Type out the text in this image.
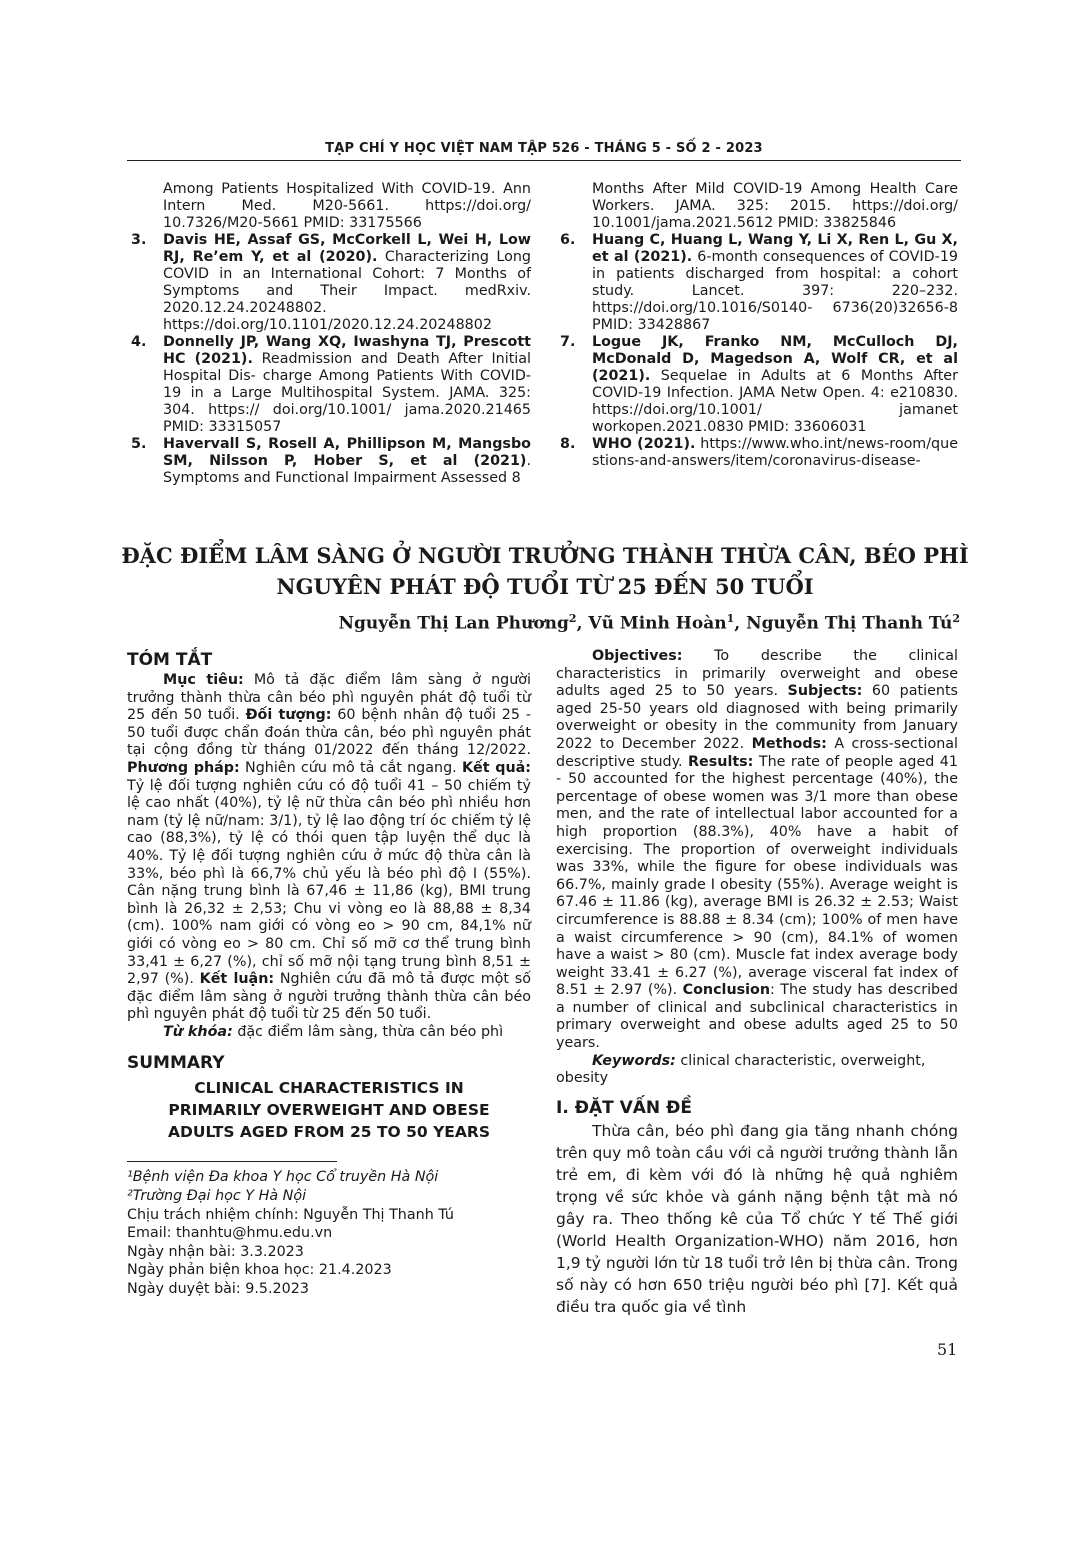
TẠP CHÍ Y HỌC VIỆT NAM TẬP 526 - THÁNG 5 - SỐ 2 - 2023
Among Patients Hospitalized With COVID-19. Ann Intern Med. M20-5661. https://doi.org/ 10.7326/M20-5661 PMID: 33175566
3. Davis HE, Assaf GS, McCorkell L, Wei H, Low RJ, Re’em Y, et al (2020). Characterizing Long COVID in an International Cohort: 7 Months of Symptoms and Their Impact. medRxiv. 2020.12.24.20248802. https://doi.org/10.1101/2020.12.24.20248802
4. Donnelly JP, Wang XQ, Iwashyna TJ, Prescott HC (2021). Readmission and Death After Initial Hospital Dis- charge Among Patients With COVID-19 in a Large Multihospital System. JAMA. 325: 304. https:// doi.org/10.1001/ jama.2020.21465 PMID: 33315057
5. Havervall S, Rosell A, Phillipson M, Mangsbo SM, Nilsson P, Hober S, et al (2021). Symptoms and Functional Impairment Assessed 8
Months After Mild COVID-19 Among Health Care Workers. JAMA. 325: 2015. https://doi.org/ 10.1001/jama.2021.5612 PMID: 33825846
6. Huang C, Huang L, Wang Y, Li X, Ren L, Gu X, et al (2021). 6-month consequences of COVID-19 in patients discharged from hospital: a cohort study. Lancet. 397: 220–232. https://doi.org/10.1016/S0140- 6736(20)32656-8 PMID: 33428867
7. Logue JK, Franko NM, McCulloch DJ, McDonald D, Magedson A, Wolf CR, et al (2021). Sequelae in Adults at 6 Months After COVID-19 Infection. JAMA Netw Open. 4: e210830. https://doi.org/10.1001/ jamanet workopen.2021.0830 PMID: 33606031
8. WHO (2021). https://www.who.int/news-room/questions-and-answers/item/coronavirus-disease-
ĐẶC ĐIỂM LÂM SÀNG Ở NGƯỜI TRƯỞNG THÀNH THỪA CÂN, BÉO PHÌ
NGUYÊN PHÁT ĐỘ TUỔI TỪ 25 ĐẾN 50 TUỔI
Nguyễn Thị Lan Phương$^2$, Vũ Minh Hoàn$^1$, Nguyễn Thị Thanh $Tú^2$

TÓM TẮT

Mục tiêu: Mô tả đặc điểm lâm sàng ở người trưởng thành thừa cân béo phì nguyên phát độ tuổi từ 25 đến 50 tuổi. Đối tượng: 60 bệnh nhân độ tuổi 25 - 50 tuổi được chẩn đoán thừa cân, béo phì nguyên phát tại cộng đồng từ tháng 01/2022 đến tháng 12/2022. Phương pháp: Nghiên cứu mô tả cắt ngang. Kết quả: Tỷ lệ đối tượng nghiên cứu có độ tuổi 41 – 50 chiếm tỷ lệ cao nhất (40%), tỷ lệ nữ thừa cân béo phì nhiều hơn nam (tỷ lệ nữ/nam: 3/1), tỷ lệ lao động trí óc chiếm tỷ lệ cao (88,3%), tỷ lệ có thói quen tập luyện thể dục là 40%. Tỷ lệ đối tượng nghiên cứu ở mức độ thừa cân là 33%, béo phì là 66,7% chủ yếu là béo phì độ I (55%). Cân nặng trung bình là 67,46 ± 11,86 (kg), BMI trung bình là 26,32 ± 2,53; Chu vi vòng eo là 88,88 ± 8,34 (cm). 100% nam giới có vòng eo > 90 cm, 84,1% nữ giới có vòng eo > 80 cm. Chỉ số mỡ cơ thể trung bình 33,41 ± 6,27 (%), chỉ số mỡ nội tạng trung bình 8,51 ± 2,97 (%). Kết luận: Nghiên cứu đã mô tả được một số đặc điểm lâm sàng ở người trưởng thành thừa cân béo phì nguyên phát độ tuổi từ 25 đến 50 tuổi.

Từ khóa: đặc điểm lâm sàng, thừa cân béo phì

SUMMARY

CLINICAL CHARACTERISTICS IN
PRIMARILY OVERWEIGHT AND OBESE
ADULTS AGED FROM 25 TO 50 YEARS

¹Bệnh viện Đa khoa Y học Cổ truyền Hà Nội

²Trường Đại học Y Hà Nội

Chịu trách nhiệm chính: Nguyễn Thị Thanh Tú

Email: thanhtu@hmu.edu.vn

Ngày nhận bài: 3.3.2023

Ngày phản biện khoa học: 21.4.2023

Ngày duyệt bài: 9.5.2023

Objectives: To describe the clinical characteristics in primarily overweight and obese adults aged 25 to 50 years. Subjects: 60 patients aged 25-50 years old diagnosed with being primarily overweight or obesity in the community from January 2022 to December 2022. Methods: A cross-sectional descriptive study. Results: The rate of people aged 41 - 50 accounted for the highest percentage (40%), the percentage of obese women was 3/1 more than obese men, and the rate of intellectual labor accounted for a high proportion (88.3%), 40% have a habit of exercising. The proportion of overweight individuals was 33%, while the figure for obese individuals was 66.7%, mainly grade I obesity (55%). Average weight is 67.46 ± 11.86 (kg), average BMI is 26.32 ± 2.53; Waist circumference is 88.88 ± 8.34 (cm); 100% of men have a waist circumference > 90 (cm), 84.1% of women have a waist > 80 (cm). Muscle fat index average body weight 33.41 ± 6.27 (%), average visceral fat index of 8.51 ± 2.97 (%). Conclusion: The study has described a number of clinical and subclinical characteristics in primary overweight and obese adults aged 25 to 50 years.

Keywords: clinical characteristic, overweight, obesity

I. ĐẶT VẤN ĐỀ

Thừa cân, béo phì đang gia tăng nhanh chóng trên quy mô toàn cầu với cả người trưởng thành lẫn trẻ em, đi kèm với đó là những hệ quả nghiêm trọng về sức khỏe và gánh nặng bệnh tật mà nó gây ra. Theo thống kê của Tổ chức Y tế Thế giới (World Health Organization-WHO) năm 2016, hơn 1,9 tỷ người lớn từ 18 tuổi trở lên bị thừa cân. Trong số này có hơn 650 triệu người béo phì [7]. Kết quả điều tra quốc gia về tình

51
